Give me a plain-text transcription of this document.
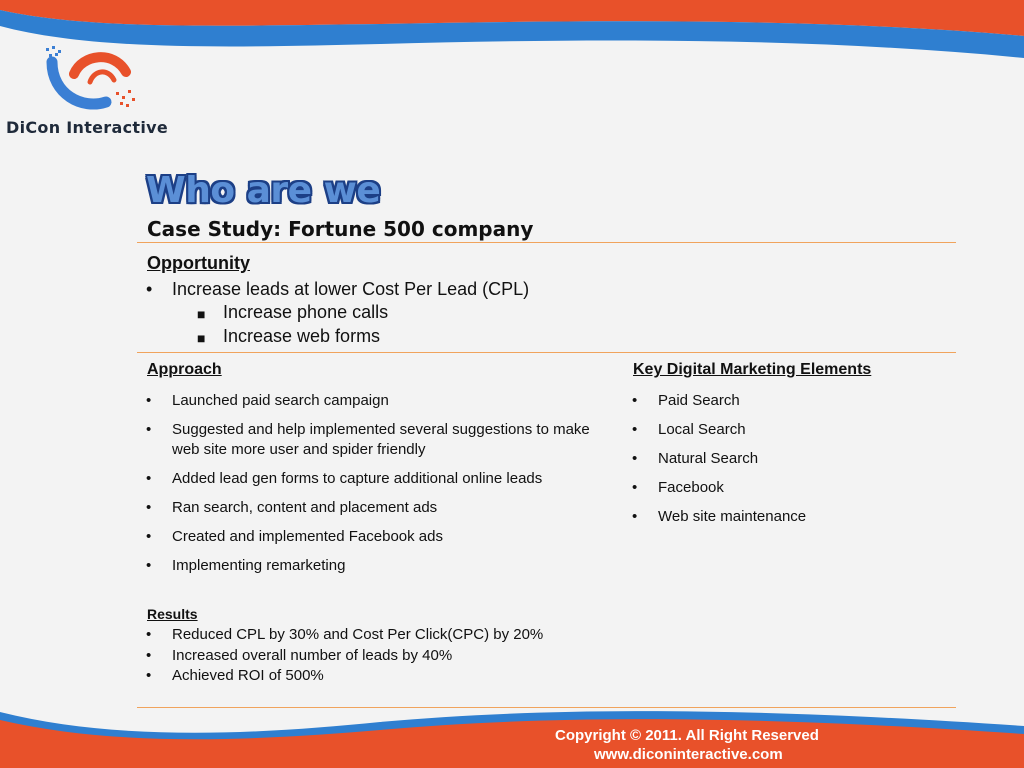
DiCon Interactive
Who are we
Case Study: Fortune 500 company
Opportunity
• Increase leads at lower Cost Per Lead (CPL)
■ Increase phone calls
■ Increase web forms
Approach
• Launched paid search campaign
• Suggested and help implemented several suggestions to make web site more user and spider friendly
• Added lead gen forms to capture additional online leads
• Ran search, content and placement ads
• Created and implemented Facebook ads
• Implementing remarketing
Key Digital Marketing Elements
• Paid Search
• Local Search
• Natural Search
• Facebook
• Web site maintenance
Results
• Reduced CPL by 30% and Cost Per Click(CPC) by 20%
• Increased overall number of leads by 40%
• Achieved ROI of 500%
Copyright © 2011. All Right Reserved
www.diconinteractive.com
